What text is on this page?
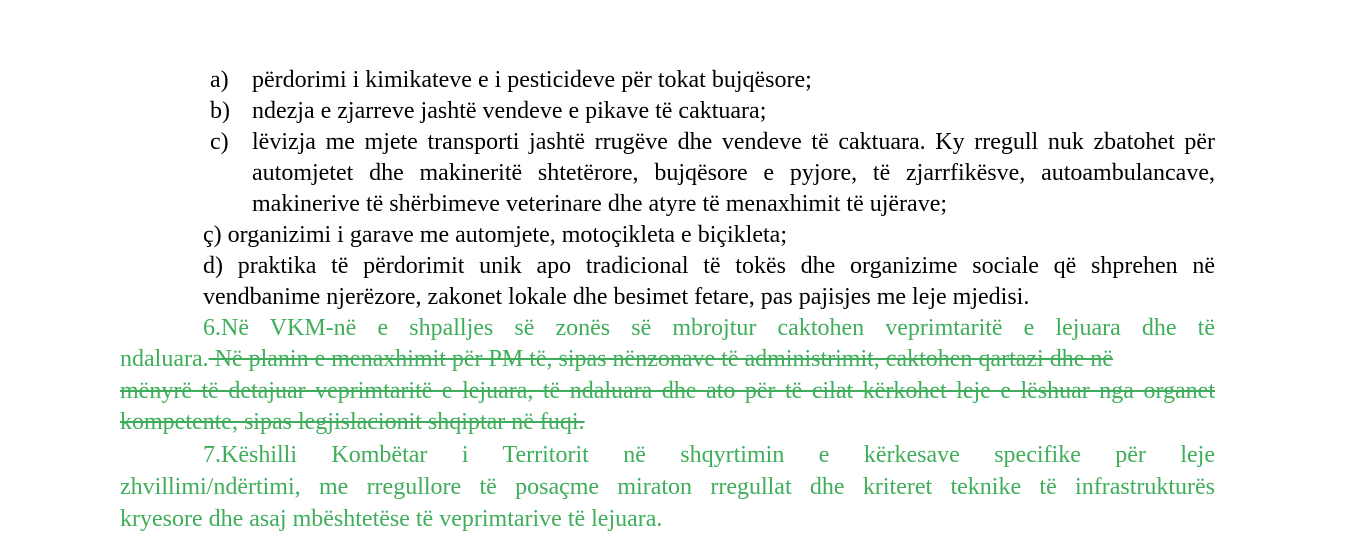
a) përdorimi i kimikateve e i pesticideve për tokat bujqësore;
b) ndezja e zjarreve jashtë vendeve e pikave të caktuara;
c) lëvizja me mjete transporti jashtë rrugëve dhe vendeve të caktuara. Ky rregull nuk zbatohet për
automjetet dhe makineritë shtetërore, bujqësore e pyjore, të zjarrfikësve, autoambulancave,
makinerive të shërbimeve veterinare dhe atyre të menaxhimit të ujërave;
ç) organizimi i garave me automjete, motoçikleta e biçikleta;
d) praktika të përdorimit unik apo tradicional të tokës dhe organizime sociale që shprehen në
vendbanime njerëzore, zakonet lokale dhe besimet fetare, pas pajisjes me leje mjedisi.
6.Në VKM-në e shpalljes së zonës së mbrojtur caktohen veprimtaritë e lejuara dhe të
ndaluara. Në planin e menaxhimit për PM të, sipas nënzonave të administrimit, caktohen qartazi dhe në
mënyrë të detajuar veprimtaritë e lejuara, të ndaluara dhe ato për të cilat kërkohet leje e lëshuar nga organet
kompetente, sipas legjislacionit shqiptar në fuqi.
7.Këshilli Kombëtar i Territorit në shqyrtimin e kërkesave specifike për leje
zhvillimi/ndërtimi, me rregullore të posaçme miraton rregullat dhe kriteret teknike të infrastrukturës
kryesore dhe asaj mbështetëse të veprimtarive të lejuara.
